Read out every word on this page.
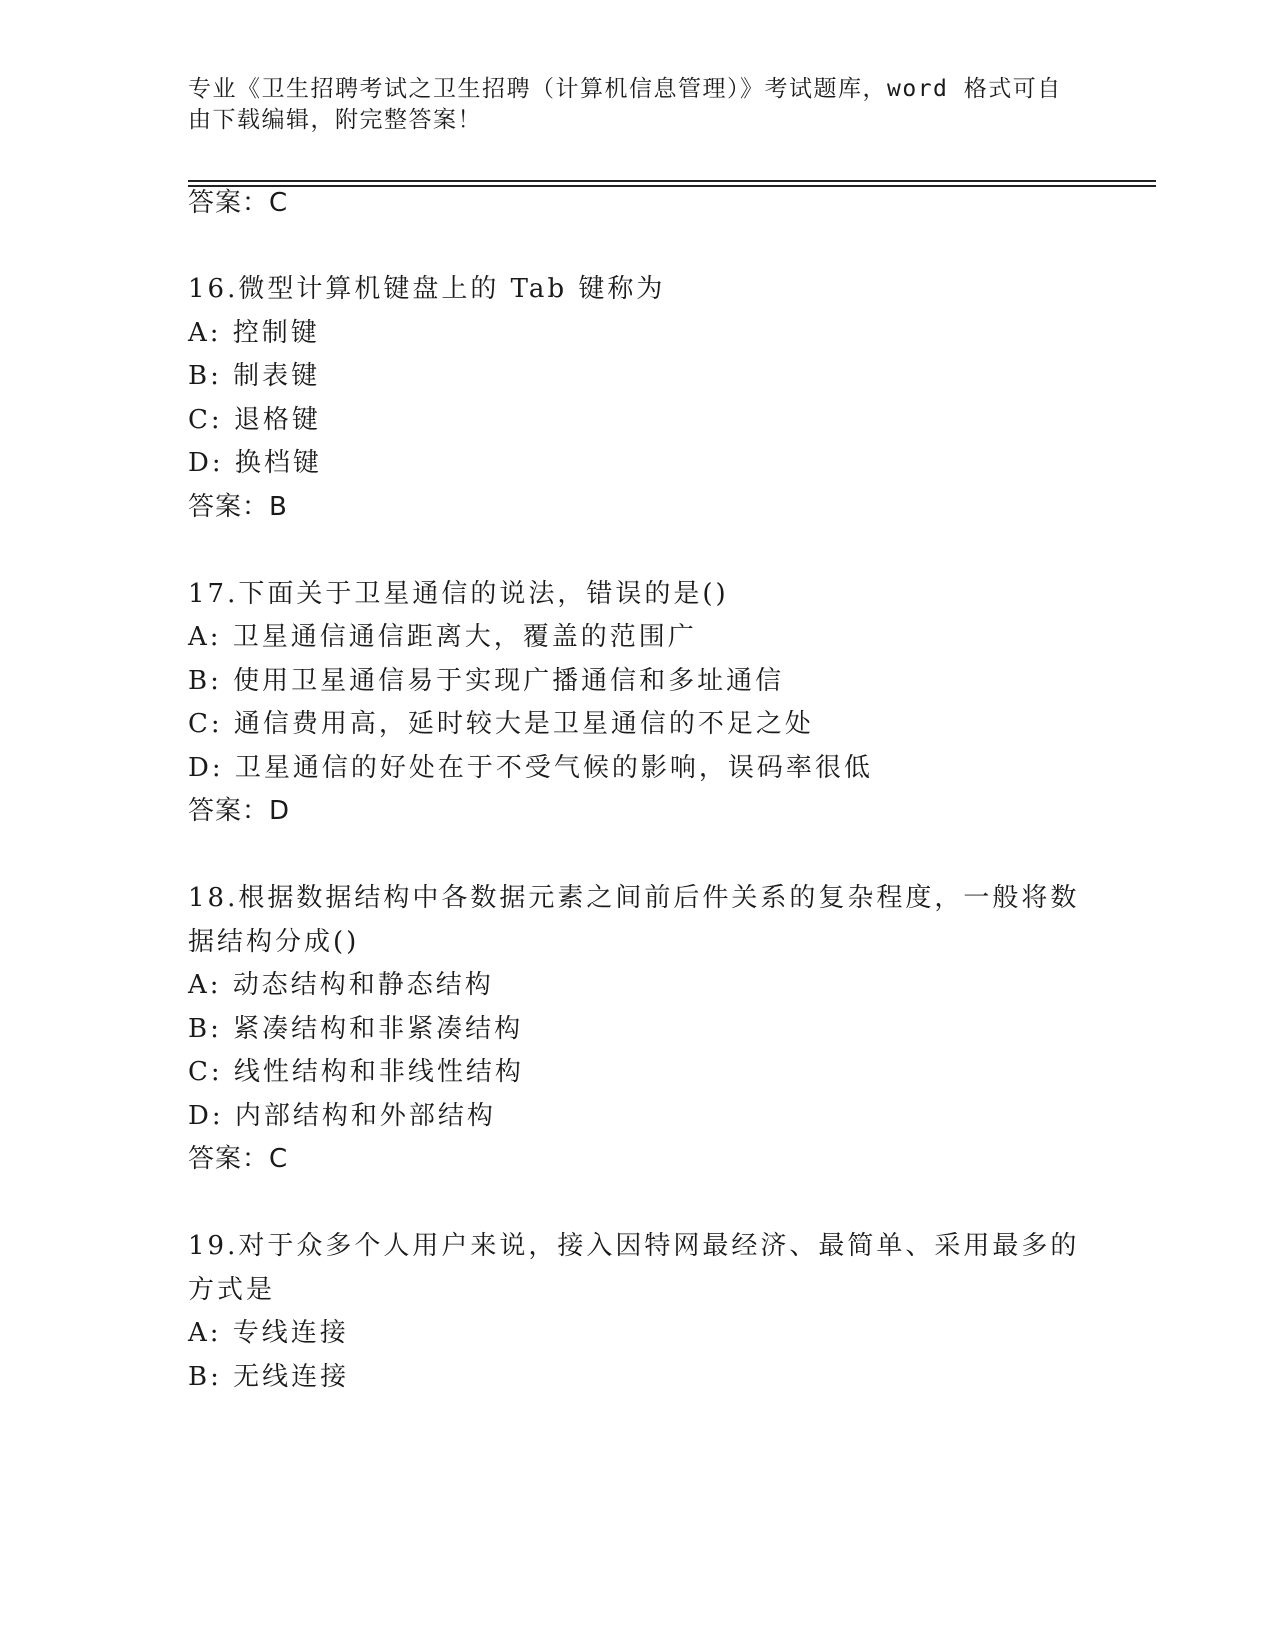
专业《卫生招聘考试之卫生招聘（计算机信息管理）》考试题库，word 格式可自由下载编辑，附完整答案！
答案：C
16.微型计算机键盘上的 Tab 键称为
A: 控制键
B: 制表键
C: 退格键
D: 换档键
答案：B
17.下面关于卫星通信的说法，错误的是()
A: 卫星通信通信距离大，覆盖的范围广
B: 使用卫星通信易于实现广播通信和多址通信
C: 通信费用高，延时较大是卫星通信的不足之处
D: 卫星通信的好处在于不受气候的影响，误码率很低
答案：D
18.根据数据结构中各数据元素之间前后件关系的复杂程度，一般将数
据结构分成()
A: 动态结构和静态结构
B: 紧凑结构和非紧凑结构
C: 线性结构和非线性结构
D: 内部结构和外部结构
答案：C
19.对于众多个人用户来说，接入因特网最经济、最简单、采用最多的
方式是
A: 专线连接
B: 无线连接
